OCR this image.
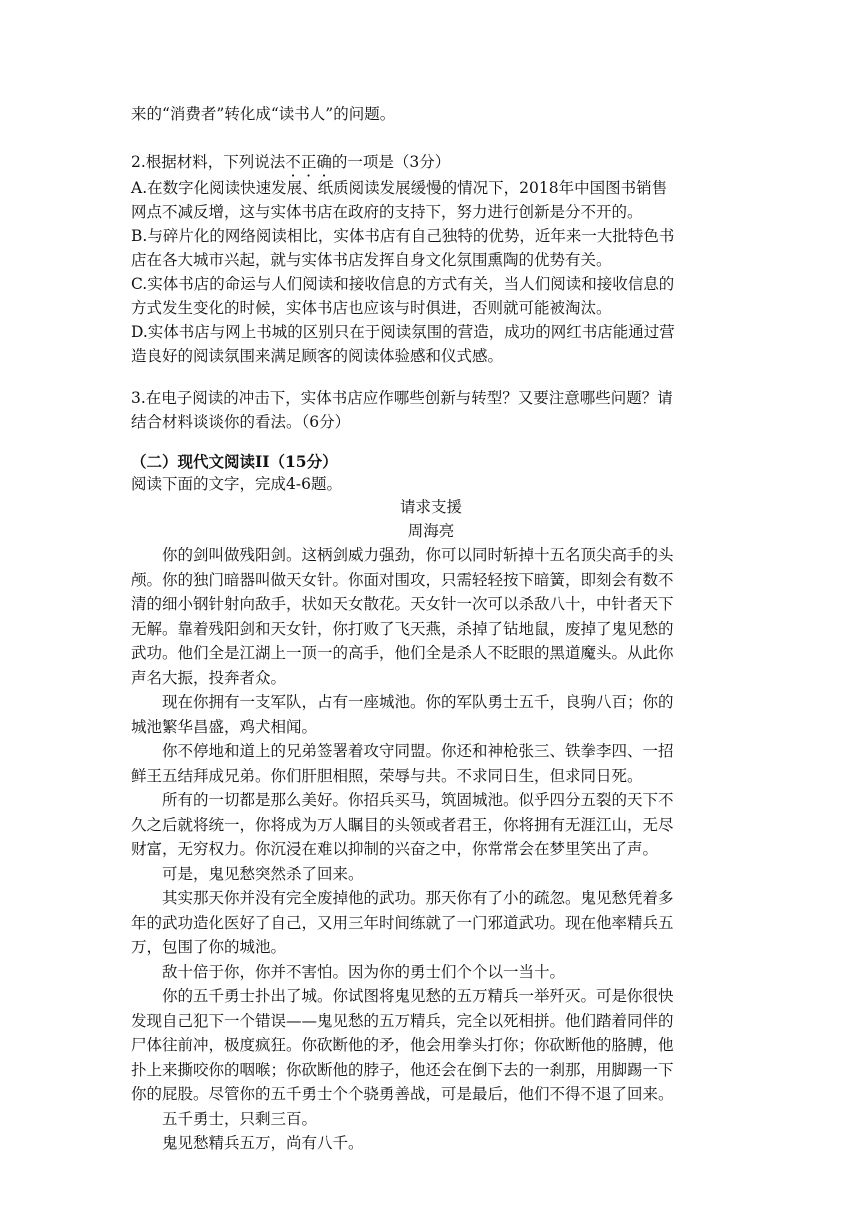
来的“消费者”转化成“读书人”的问题。
2.根据材料，下列说法不正确的一项是（3分）
A.在数字化阅读快速发展、纸质阅读发展缓慢的情况下，2018年中国图书销售
网点不减反增，这与实体书店在政府的支持下，努力进行创新是分不开的。
B.与碎片化的网络阅读相比，实体书店有自己独特的优势，近年来一大批特色书
店在各大城市兴起，就与实体书店发挥自身文化氛围熏陶的优势有关。
C.实体书店的命运与人们阅读和接收信息的方式有关，当人们阅读和接收信息的
方式发生变化的时候，实体书店也应该与时俱进，否则就可能被淘汰。
D.实体书店与网上书城的区别只在于阅读氛围的营造，成功的网红书店能通过营
造良好的阅读氛围来满足顾客的阅读体验感和仪式感。
3.在电子阅读的冲击下，实体书店应作哪些创新与转型？又要注意哪些问题？请
结合材料谈谈你的看法。（6分）
（二）现代文阅读II（15分）
阅读下面的文字，完成4-6题。
请求支援
周海亮
你的剑叫做残阳剑。这柄剑威力强劲，你可以同时斩掉十五名顶尖高手的头
颅。你的独门暗器叫做天女针。你面对围攻，只需轻轻按下暗簧，即刻会有数不
清的细小钢针射向敌手，状如天女散花。天女针一次可以杀敌八十，中针者天下
无解。靠着残阳剑和天女针，你打败了飞天燕，杀掉了钻地鼠，废掉了鬼见愁的
武功。他们全是江湖上一顶一的高手，他们全是杀人不眨眼的黑道魔头。从此你
声名大振，投奔者众。
现在你拥有一支军队，占有一座城池。你的军队勇士五千，良驹八百；你的
城池繁华昌盛，鸡犬相闻。
你不停地和道上的兄弟签署着攻守同盟。你还和神枪张三、铁拳李四、一招
鲜王五结拜成兄弟。你们肝胆相照，荣辱与共。不求同日生，但求同日死。
所有的一切都是那么美好。你招兵买马，筑固城池。似乎四分五裂的天下不
久之后就将统一，你将成为万人瞩目的头领或者君王，你将拥有无涯江山，无尽
财富，无穷权力。你沉浸在难以抑制的兴奋之中，你常常会在梦里笑出了声。
可是，鬼见愁突然杀了回来。
其实那天你并没有完全废掉他的武功。那天你有了小的疏忽。鬼见愁凭着多
年的武功造化医好了自己，又用三年时间练就了一门邪道武功。现在他率精兵五
万，包围了你的城池。
敌十倍于你，你并不害怕。因为你的勇士们个个以一当十。
你的五千勇士扑出了城。你试图将鬼见愁的五万精兵一举歼灭。可是你很快
发现自己犯下一个错误——鬼见愁的五万精兵，完全以死相拼。他们踏着同伴的
尸体往前冲，极度疯狂。你砍断他的矛，他会用拳头打你；你砍断他的胳膊，他
扑上来撕咬你的咽喉；你砍断他的脖子，他还会在倒下去的一刹那，用脚踢一下
你的屁股。尽管你的五千勇士个个骁勇善战，可是最后，他们不得不退了回来。
五千勇士，只剩三百。
鬼见愁精兵五万，尚有八千。
